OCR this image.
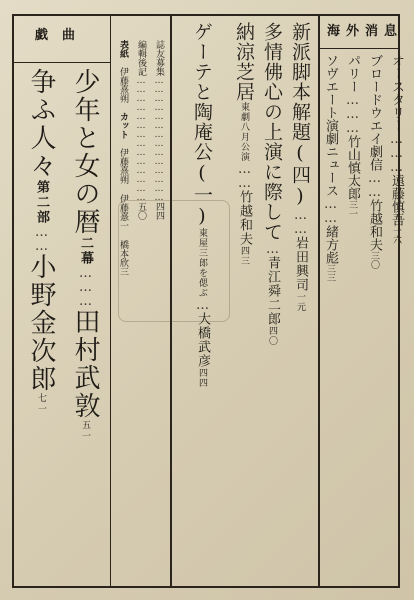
海外消息
オースタリー………遠藤慎吾一六
ブロードウエイ劇信……竹越和夫三〇
パリー………竹山慎太郎三一
ソヴエート演劇ニュース……緒方彪三三
新派脚本解題(四)……岩田興司一元
多情佛心の上演に際して…青江舜二郎四〇
納涼芝居東劇八月公演……竹越和夫四三
ゲーテと陶庵公(一)東屋三郎を偲ぶ…大橋武彦四四
誌友募集……………………………………四四
編輯後記……………………………………五〇
表紙　伊藤熹朔　カット　伊藤熹朔 伊藤憙一 橋本欣三
戯曲
少年と女の暦二幕………田村武敦五一
争ふ人々第二部……小野金次郎七一
